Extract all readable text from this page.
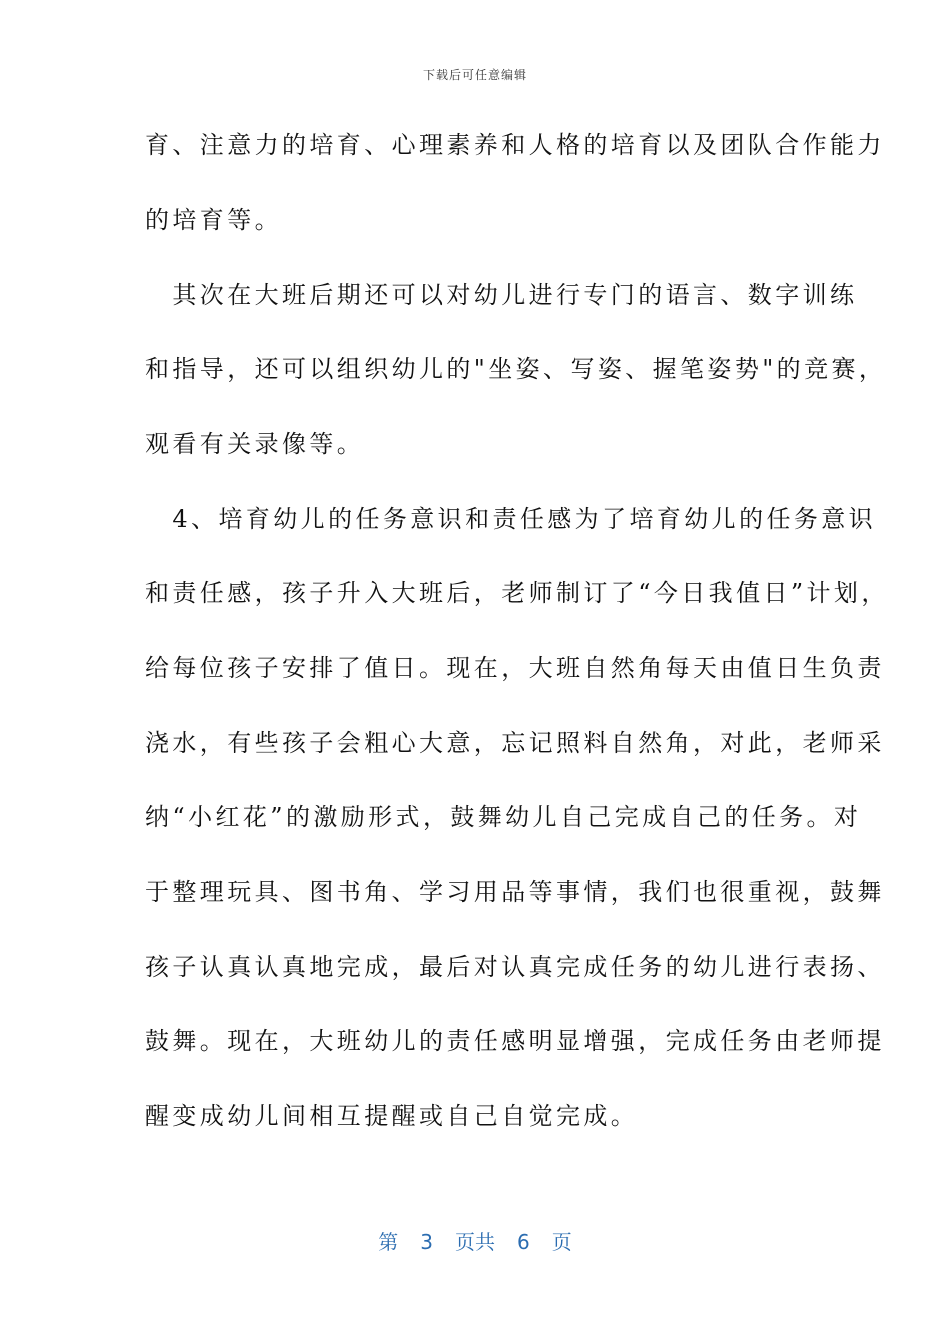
下载后可任意编辑
育、注意力的培育、心理素养和人格的培育以及团队合作能力
的培育等。
　其次在大班后期还可以对幼儿进行专门的语言、数字训练
和指导，还可以组织幼儿的"坐姿、写姿、握笔姿势"的竞赛，
观看有关录像等。
　4、培育幼儿的任务意识和责任感为了培育幼儿的任务意识
和责任感，孩子升入大班后，老师制订了“今日我值日”计划，
给每位孩子安排了值日。现在，大班自然角每天由值日生负责
浇水，有些孩子会粗心大意，忘记照料自然角，对此，老师采
纳“小红花”的激励形式，鼓舞幼儿自己完成自己的任务。对
于整理玩具、图书角、学习用品等事情，我们也很重视，鼓舞
孩子认真认真地完成，最后对认真完成任务的幼儿进行表扬、
鼓舞。现在，大班幼儿的责任感明显增强，完成任务由老师提
醒变成幼儿间相互提醒或自己自觉完成。
第 3 页共 6 页
